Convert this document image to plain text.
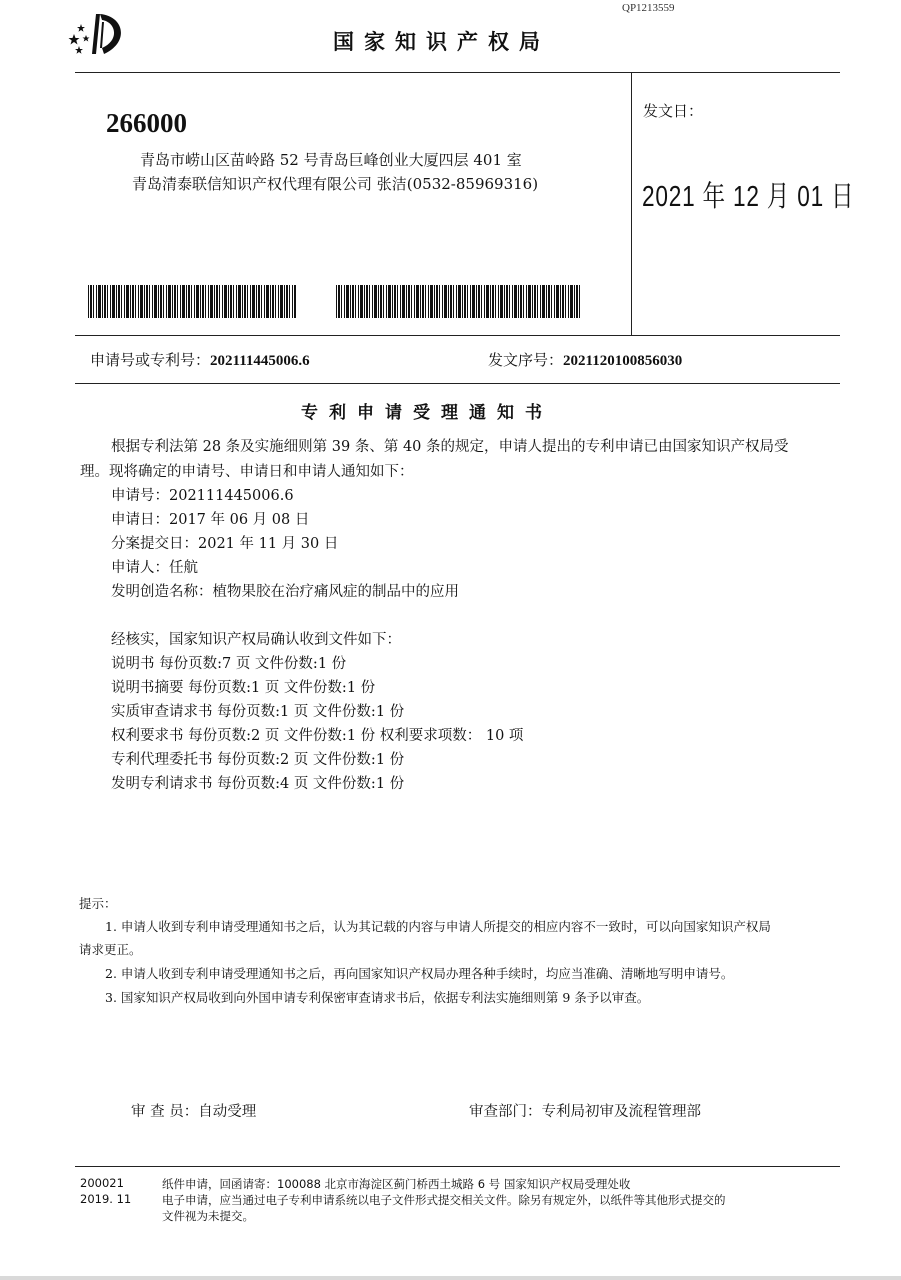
QP1213559
国家知识产权局
266000
青岛市崂山区苗岭路 52 号青岛巨峰创业大厦四层 401 室
青岛清泰联信知识产权代理有限公司 张洁(0532-85969316)
发文日：
2021 年 12 月 01 日
申请号或专利号：202111445006.6	发文序号：2021120100856030
专利申请受理通知书
根据专利法第 28 条及实施细则第 39 条、第 40 条的规定，申请人提出的专利申请已由国家知识产权局受
理。现将确定的申请号、申请日和申请人通知如下：
申请号：202111445006.6
申请日：2017 年 06 月 08 日
分案提交日：2021 年 11 月 30 日
申请人：任航
发明创造名称：植物果胶在治疗痛风症的制品中的应用
经核实，国家知识产权局确认收到文件如下：
说明书 每份页数:7 页 文件份数:1 份
说明书摘要 每份页数:1 页 文件份数:1 份
实质审查请求书 每份页数:1 页 文件份数:1 份
权利要求书 每份页数:2 页 文件份数:1 份 权利要求项数： 10 项
专利代理委托书 每份页数:2 页 文件份数:1 份
发明专利请求书 每份页数:4 页 文件份数:1 份
提示：
1. 申请人收到专利申请受理通知书之后，认为其记载的内容与申请人所提交的相应内容不一致时，可以向国家知识产权局
请求更正。
2. 申请人收到专利申请受理通知书之后，再向国家知识产权局办理各种手续时，均应当准确、清晰地写明申请号。
3. 国家知识产权局收到向外国申请专利保密审查请求书后，依据专利法实施细则第 9 条予以审查。
审 查 员：自动受理	审查部门：专利局初审及流程管理部
200021
2019. 11
纸件申请，回函请寄：100088 北京市海淀区蓟门桥西土城路 6 号 国家知识产权局受理处收
电子申请，应当通过电子专利申请系统以电子文件形式提交相关文件。除另有规定外，以纸件等其他形式提交的
文件视为未提交。
